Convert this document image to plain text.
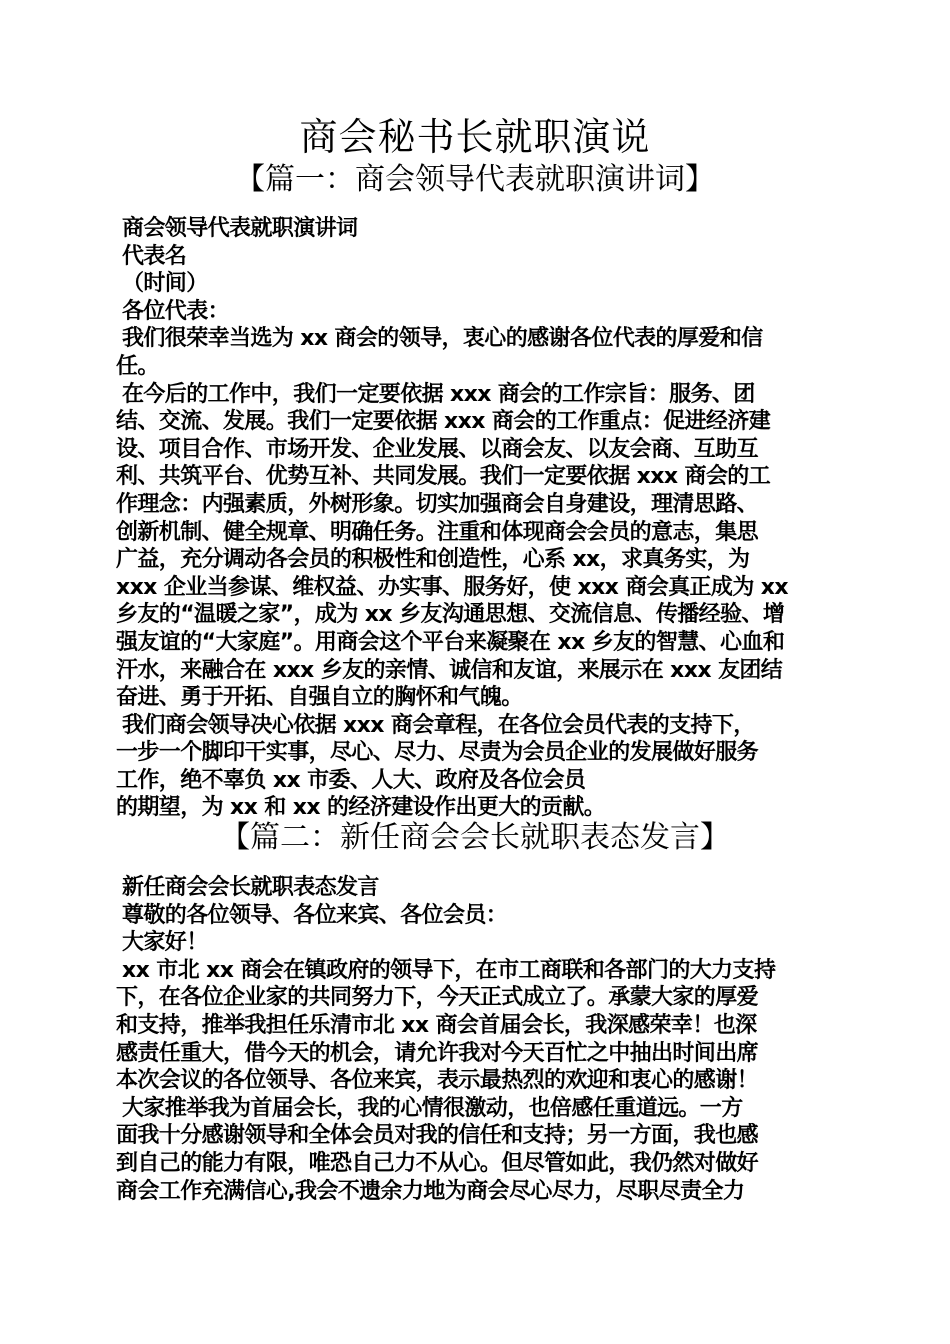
商会秘书长就职演说
【篇一：商会领导代表就职演讲词】
商会领导代表就职演讲词
代表名
（时间）
各位代表：
我们很荣幸当选为 xx 商会的领导，衷心的感谢各位代表的厚爱和信
任。
在今后的工作中，我们一定要依据 xxx 商会的工作宗旨：服务、团
结、交流、发展。我们一定要依据 xxx 商会的工作重点：促进经济建
设、项目合作、市场开发、企业发展、以商会友、以友会商、互助互
利、共筑平台、优势互补、共同发展。我们一定要依据 xxx 商会的工
作理念：内强素质，外树形象。切实加强商会自身建设，理清思路、
创新机制、健全规章、明确任务。注重和体现商会会员的意志，集思
广益，充分调动各会员的积极性和创造性，心系 xx，求真务实，为
xxx 企业当参谋、维权益、办实事、服务好，使 xxx 商会真正成为 xx
乡友的“温暖之家”，成为 xx 乡友沟通思想、交流信息、传播经验、增
强友谊的“大家庭”。用商会这个平台来凝聚在 xx 乡友的智慧、心血和
汗水，来融合在 xxx 乡友的亲情、诚信和友谊，来展示在 xxx 友团结
奋进、勇于开拓、自强自立的胸怀和气魄。
我们商会领导决心依据 xxx 商会章程，在各位会员代表的支持下，
一步一个脚印干实事，尽心、尽力、尽责为会员企业的发展做好服务
工作，绝不辜负 xx 市委、人大、政府及各位会员
的期望，为 xx 和 xx 的经济建设作出更大的贡献。
【篇二：新任商会会长就职表态发言】
新任商会会长就职表态发言
尊敬的各位领导、各位来宾、各位会员：
大家好！
xx 市北 xx 商会在镇政府的领导下，在市工商联和各部门的大力支持
下，在各位企业家的共同努力下，今天正式成立了。承蒙大家的厚爱
和支持，推举我担任乐清市北 xx 商会首届会长，我深感荣幸！也深
感责任重大，借今天的机会，请允许我对今天百忙之中抽出时间出席
本次会议的各位领导、各位来宾，表示最热烈的欢迎和衷心的感谢！
大家推举我为首届会长，我的心情很激动，也倍感任重道远。一方
面我十分感谢领导和全体会员对我的信任和支持；另一方面，我也感
到自己的能力有限，唯恐自己力不从心。但尽管如此，我仍然对做好
商会工作充满信心,我会不遗余力地为商会尽心尽力，尽职尽责全力
